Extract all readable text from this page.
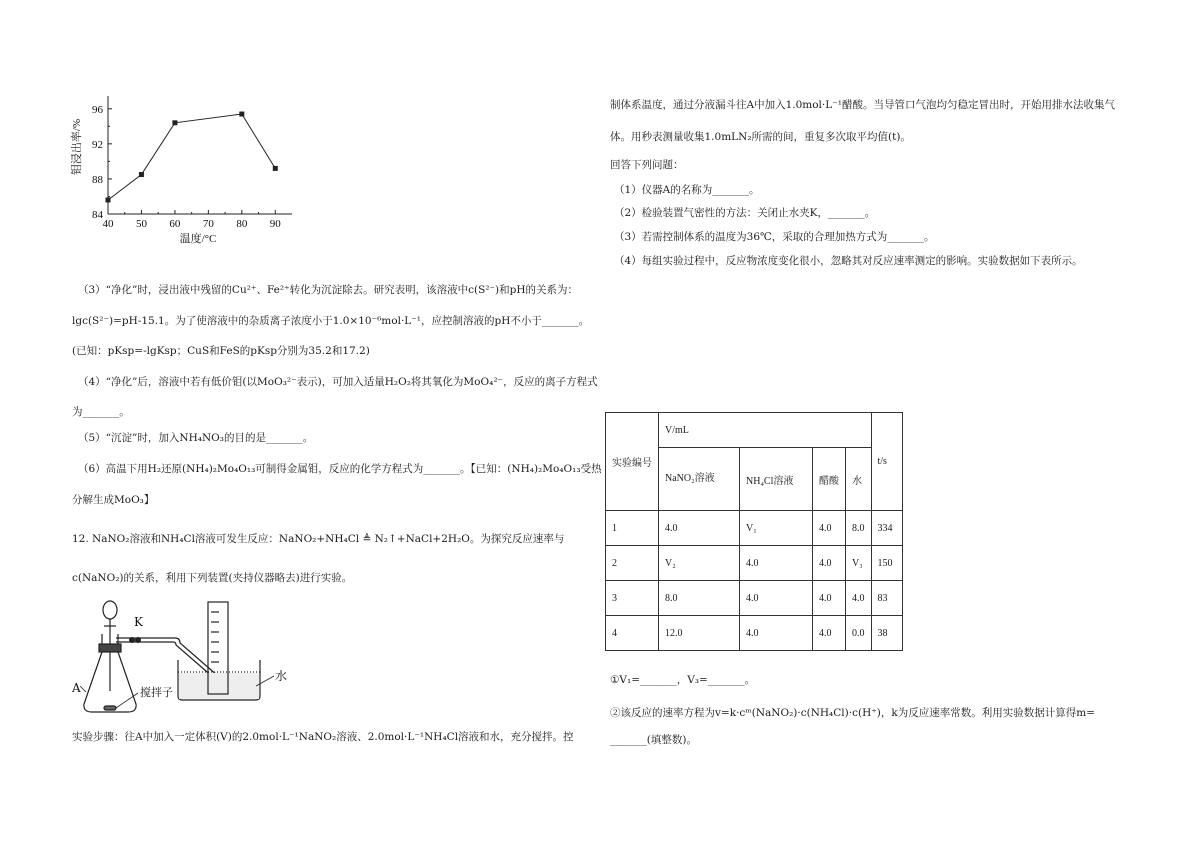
40 50 60 70 80 90
84
88
92
96
钼浸出率/%
温度/°C
（3）“净化”时，浸出液中残留的Cu²⁺、Fe²⁺转化为沉淀除去。研究表明，该溶液中c(S²⁻)和pH的关系为：
lgc(S²⁻)=pH-15.1。为了使溶液中的杂质离子浓度小于1.0×10⁻⁶mol·L⁻¹，应控制溶液的pH不小于_______。
(已知：pKsp=-lgKsp；CuS和FeS的pKsp分别为35.2和17.2)
（4）“净化”后，溶液中若有低价钼(以MoO₃²⁻表示)，可加入适量H₂O₂将其氧化为MoO₄²⁻，反应的离子方程式
为_______。
（5）“沉淀”时，加入NH₄NO₃的目的是_______。
（6）高温下用H₂还原(NH₄)₂Mo₄O₁₃可制得金属钼，反应的化学方程式为_______。【已知：(NH₄)₂Mo₄O₁₃受热
分解生成MoO₃】
12. NaNO₂溶液和NH₄Cl溶液可发生反应：NaNO₂+NH₄Cl ≜ N₂↑+NaCl+2H₂O。为探究反应速率与
c(NaNO₂)的关系，利用下列装置(夹持仪器略去)进行实验。
K
A	搅拌子
水
实验步骤：往A中加入一定体积(V)的2.0mol·L⁻¹NaNO₂溶液、2.0mol·L⁻¹NH₄Cl溶液和水，充分搅拌。控
制体系温度，通过分液漏斗往A中加入1.0mol·L⁻¹醋酸。当导管口气泡均匀稳定冒出时，开始用排水法收集气
体。用秒表测量收集1.0mLN₂所需的间，重复多次取平均值(t)。
回答下列问题：
（1）仪器A的名称为_______。
（2）检验装置气密性的方法：关闭止水夹K，_______。
（3）若需控制体系的温度为36℃，采取的合理加热方式为_______。
（4）每组实验过程中，反应物浓度变化很小，忽略其对反应速率测定的影响。实验数据如下表所示。
实验编号	V/mL				t/s
	NaNO₂溶液	NH₄Cl溶液	醋酸	水	
1	4.0	V₁	4.0	8.0	334
2	V₂	4.0	4.0	V₃	150
3	8.0	4.0	4.0	4.0	83
4	12.0	4.0	4.0	0.0	38
①V₁=_______，V₃=_______。
②该反应的速率方程为v=k·cᵐ(NaNO₂)·c(NH₄Cl)·c(H⁺)，k为反应速率常数。利用实验数据计算得m=
_______(填整数)。
